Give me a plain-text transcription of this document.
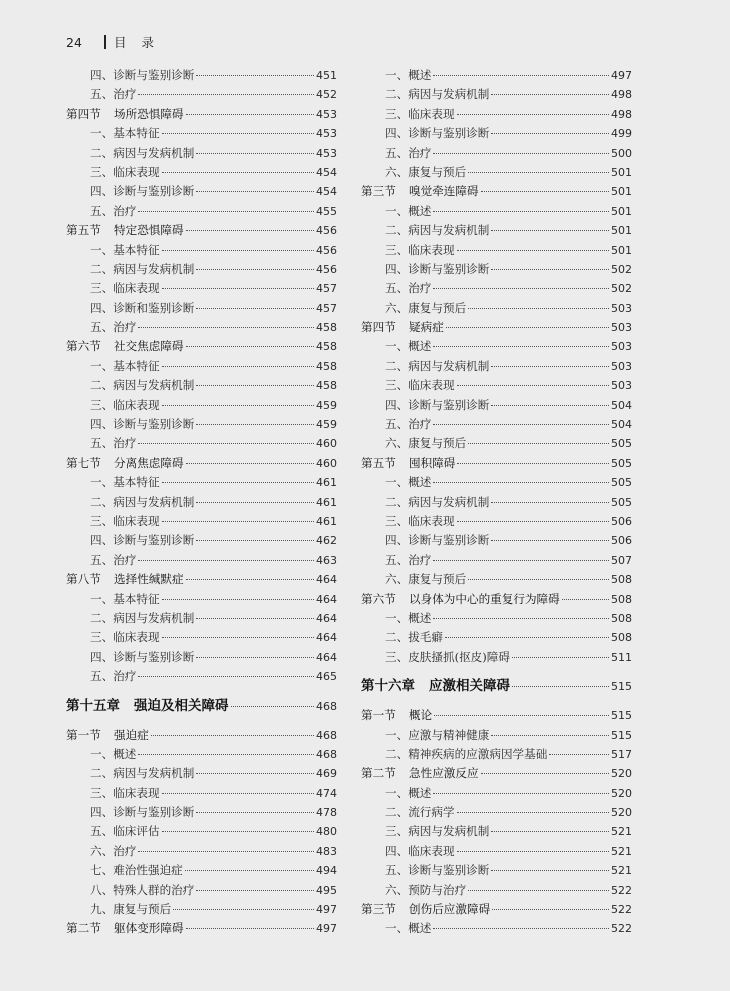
24	目录
四、诊断与鉴别诊断	451
五、治疗	452
第四节 场所恐惧障碍	453
一、基本特征	453
二、病因与发病机制	453
三、临床表现	454
四、诊断与鉴别诊断	454
五、治疗	455
第五节 特定恐惧障碍	456
一、基本特征	456
二、病因与发病机制	456
三、临床表现	457
四、诊断和鉴别诊断	457
五、治疗	458
第六节 社交焦虑障碍	458
一、基本特征	458
二、病因与发病机制	458
三、临床表现	459
四、诊断与鉴别诊断	459
五、治疗	460
第七节 分离焦虑障碍	460
一、基本特征	461
二、病因与发病机制	461
三、临床表现	461
四、诊断与鉴别诊断	462
五、治疗	463
第八节 选择性缄默症	464
一、基本特征	464
二、病因与发病机制	464
三、临床表现	464
四、诊断与鉴别诊断	464
五、治疗	465
第十五章 强迫及相关障碍	468
第一节 强迫症	468
一、概述	468
二、病因与发病机制	469
三、临床表现	474
四、诊断与鉴别诊断	478
五、临床评估	480
六、治疗	483
七、难治性强迫症	494
八、特殊人群的治疗	495
九、康复与预后	497
第二节 躯体变形障碍	497
一、概述	497
二、病因与发病机制	498
三、临床表现	498
四、诊断与鉴别诊断	499
五、治疗	500
六、康复与预后	501
第三节 嗅觉牵连障碍	501
一、概述	501
二、病因与发病机制	501
三、临床表现	501
四、诊断与鉴别诊断	502
五、治疗	502
六、康复与预后	503
第四节 疑病症	503
一、概述	503
二、病因与发病机制	503
三、临床表现	503
四、诊断与鉴别诊断	504
五、治疗	504
六、康复与预后	505
第五节 囤积障碍	505
一、概述	505
二、病因与发病机制	505
三、临床表现	506
四、诊断与鉴别诊断	506
五、治疗	507
六、康复与预后	508
第六节 以身体为中心的重复行为障碍	508
一、概述	508
二、拔毛癖	508
三、皮肤搔抓(抠皮)障碍	511
第十六章 应激相关障碍	515
第一节 概论	515
一、应激与精神健康	515
二、精神疾病的应激病因学基础	517
第二节 急性应激反应	520
一、概述	520
二、流行病学	520
三、病因与发病机制	521
四、临床表现	521
五、诊断与鉴别诊断	521
六、预防与治疗	522
第三节 创伤后应激障碍	522
一、概述	522
